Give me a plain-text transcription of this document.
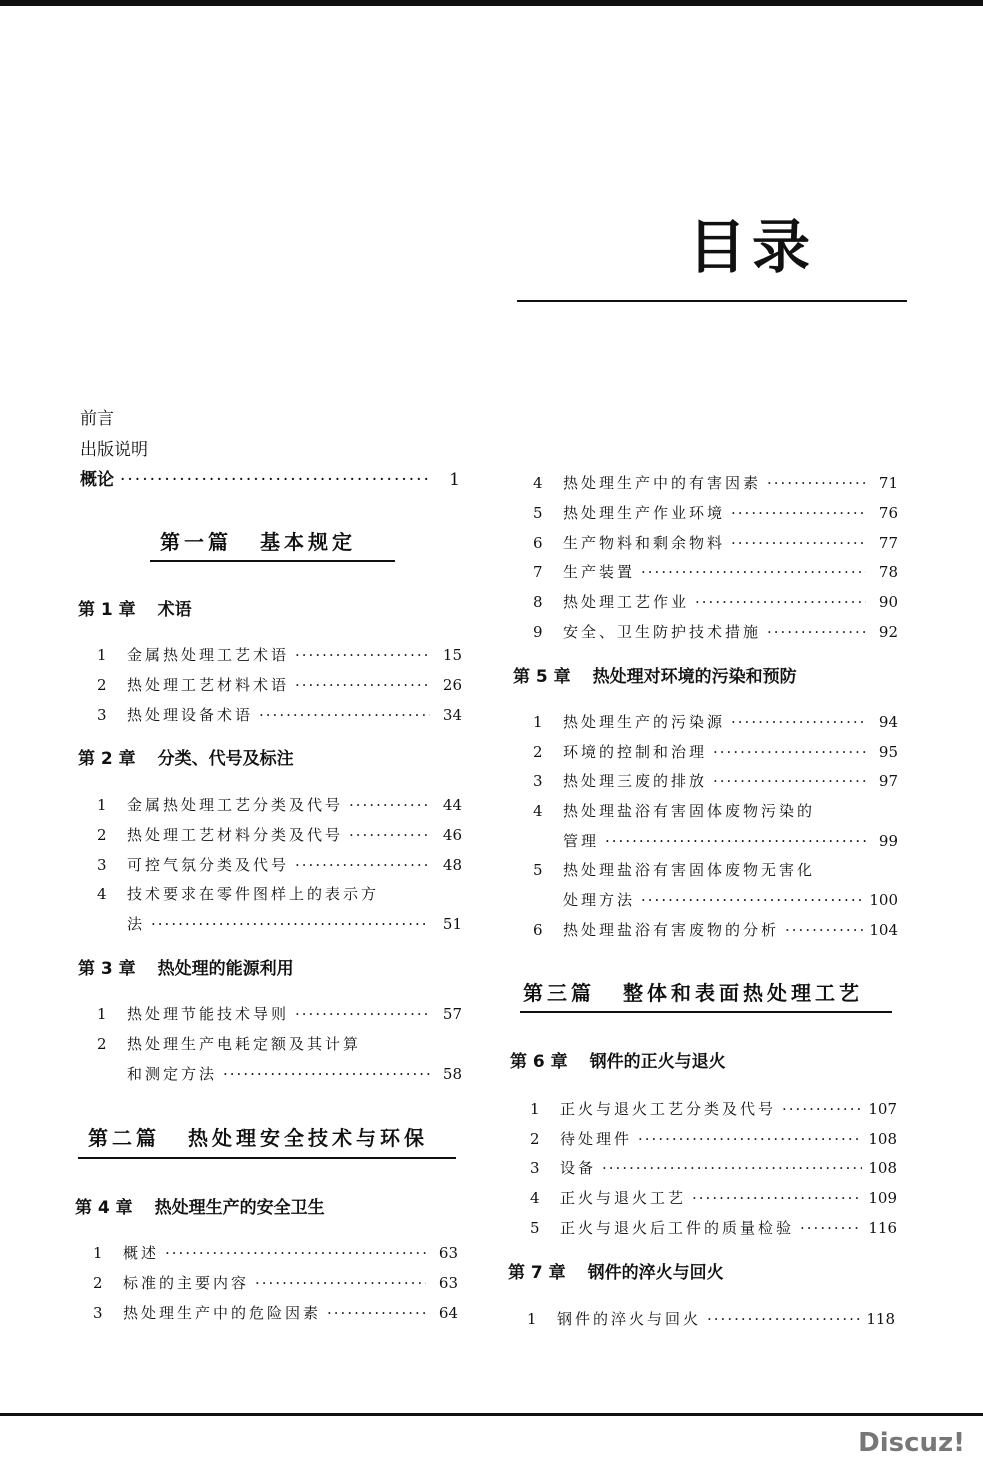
目录
前言
出版说明
概论 ·····	1
第一篇 基本规定
第 1 章 术语
1	金属热处理工艺术语 ·····	15
2	热处理工艺材料术语 ·····	26
3	热处理设备术语 ·····	34
第 2 章 分类、代号及标注
1	金属热处理工艺分类及代号 ·····	44
2	热处理工艺材料分类及代号 ·····	46
3	可控气氛分类及代号 ·····	48
4	技术要求在零件图样上的表示方
法 ·····	51
第 3 章 热处理的能源利用
1	热处理节能技术导则 ·····	57
2	热处理生产电耗定额及其计算
和测定方法 ·····	58
第二篇 热处理安全技术与环保
第 4 章 热处理生产的安全卫生
1	概述 ·····	63
2	标准的主要内容 ·····	63
3	热处理生产中的危险因素 ·····	64
4	热处理生产中的有害因素 ·····	71
5	热处理生产作业环境 ·····	76
6	生产物料和剩余物料 ·····	77
7	生产装置 ·····	78
8	热处理工艺作业 ·····	90
9	安全、卫生防护技术措施 ·····	92
第 5 章 热处理对环境的污染和预防
1	热处理生产的污染源 ·····	94
2	环境的控制和治理 ·····	95
3	热处理三废的排放 ·····	97
4	热处理盐浴有害固体废物污染的
管理 ·····	99
5	热处理盐浴有害固体废物无害化
处理方法 ·····	100
6	热处理盐浴有害废物的分析 ·····	104
第三篇 整体和表面热处理工艺
第 6 章 钢件的正火与退火
1	正火与退火工艺分类及代号 ·····	107
2	待处理件 ·····	108
3	设备 ·····	108
4	正火与退火工艺 ·····	109
5	正火与退火后工件的质量检验 ·····	116
第 7 章 钢件的淬火与回火
1	钢件的淬火与回火 ·····	118
Discuz!
